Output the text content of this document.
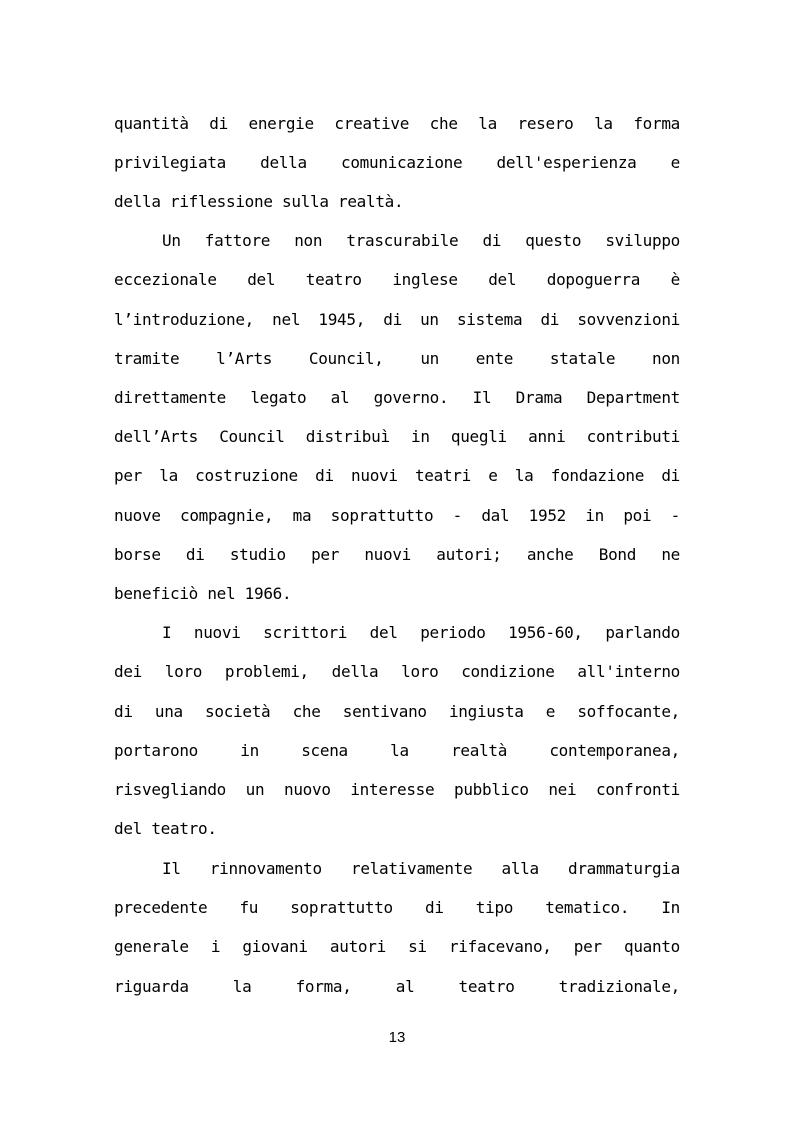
quantità di energie creative che la resero la forma
privilegiata della comunicazione dell'esperienza e
della riflessione sulla realtà.
Un fattore non trascurabile di questo sviluppo
eccezionale del teatro inglese del dopoguerra è
l’introduzione, nel 1945, di un sistema di sovvenzioni
tramite l’Arts Council, un ente statale non
direttamente legato al governo. Il Drama Department
dell’Arts Council distribuì in quegli anni contributi
per la costruzione di nuovi teatri e la fondazione di
nuove compagnie, ma soprattutto - dal 1952 in poi -
borse di studio per nuovi autori; anche Bond ne
beneficiò nel 1966.
I nuovi scrittori del periodo 1956-60, parlando
dei loro problemi, della loro condizione all'interno
di una società che sentivano ingiusta e soffocante,
portarono in scena la realtà contemporanea,
risvegliando un nuovo interesse pubblico nei confronti
del teatro.
Il rinnovamento relativamente alla drammaturgia
precedente fu soprattutto di tipo tematico. In
generale i giovani autori si rifacevano, per quanto
riguarda la forma, al teatro tradizionale,
13
